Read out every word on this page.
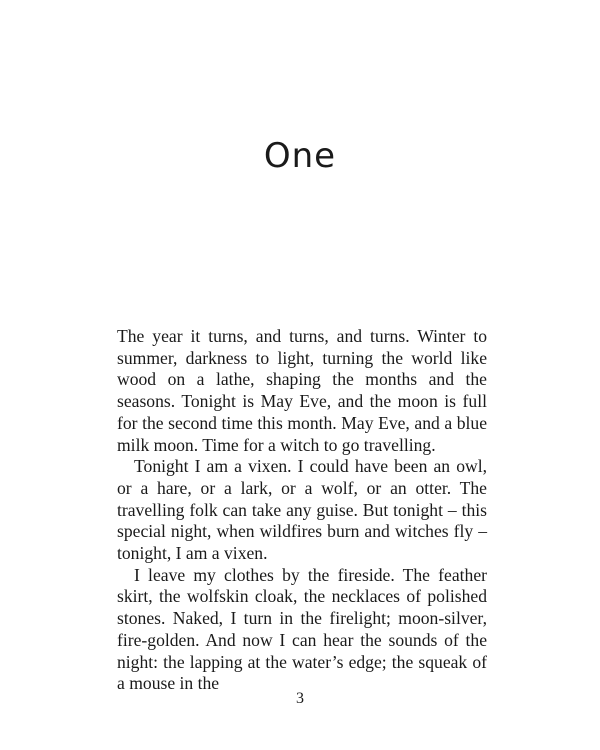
One

The year it turns, and turns, and turns. Winter to summer, darkness to light, turning the world like wood on a lathe, shaping the months and the seasons. Tonight is May Eve, and the moon is full for the second time this month. May Eve, and a blue milk moon. Time for a witch to go travelling.

Tonight I am a vixen. I could have been an owl, or a hare, or a lark, or a wolf, or an otter. The travelling folk can take any guise. But tonight – this special night, when wildfires burn and witches fly – tonight, I am a vixen.

I leave my clothes by the fireside. The feather skirt, the wolfskin cloak, the necklaces of polished stones. Naked, I turn in the firelight; moon-silver, fire-golden. And now I can hear the sounds of the night: the lapping at the water’s edge; the squeak of a mouse in the

3
